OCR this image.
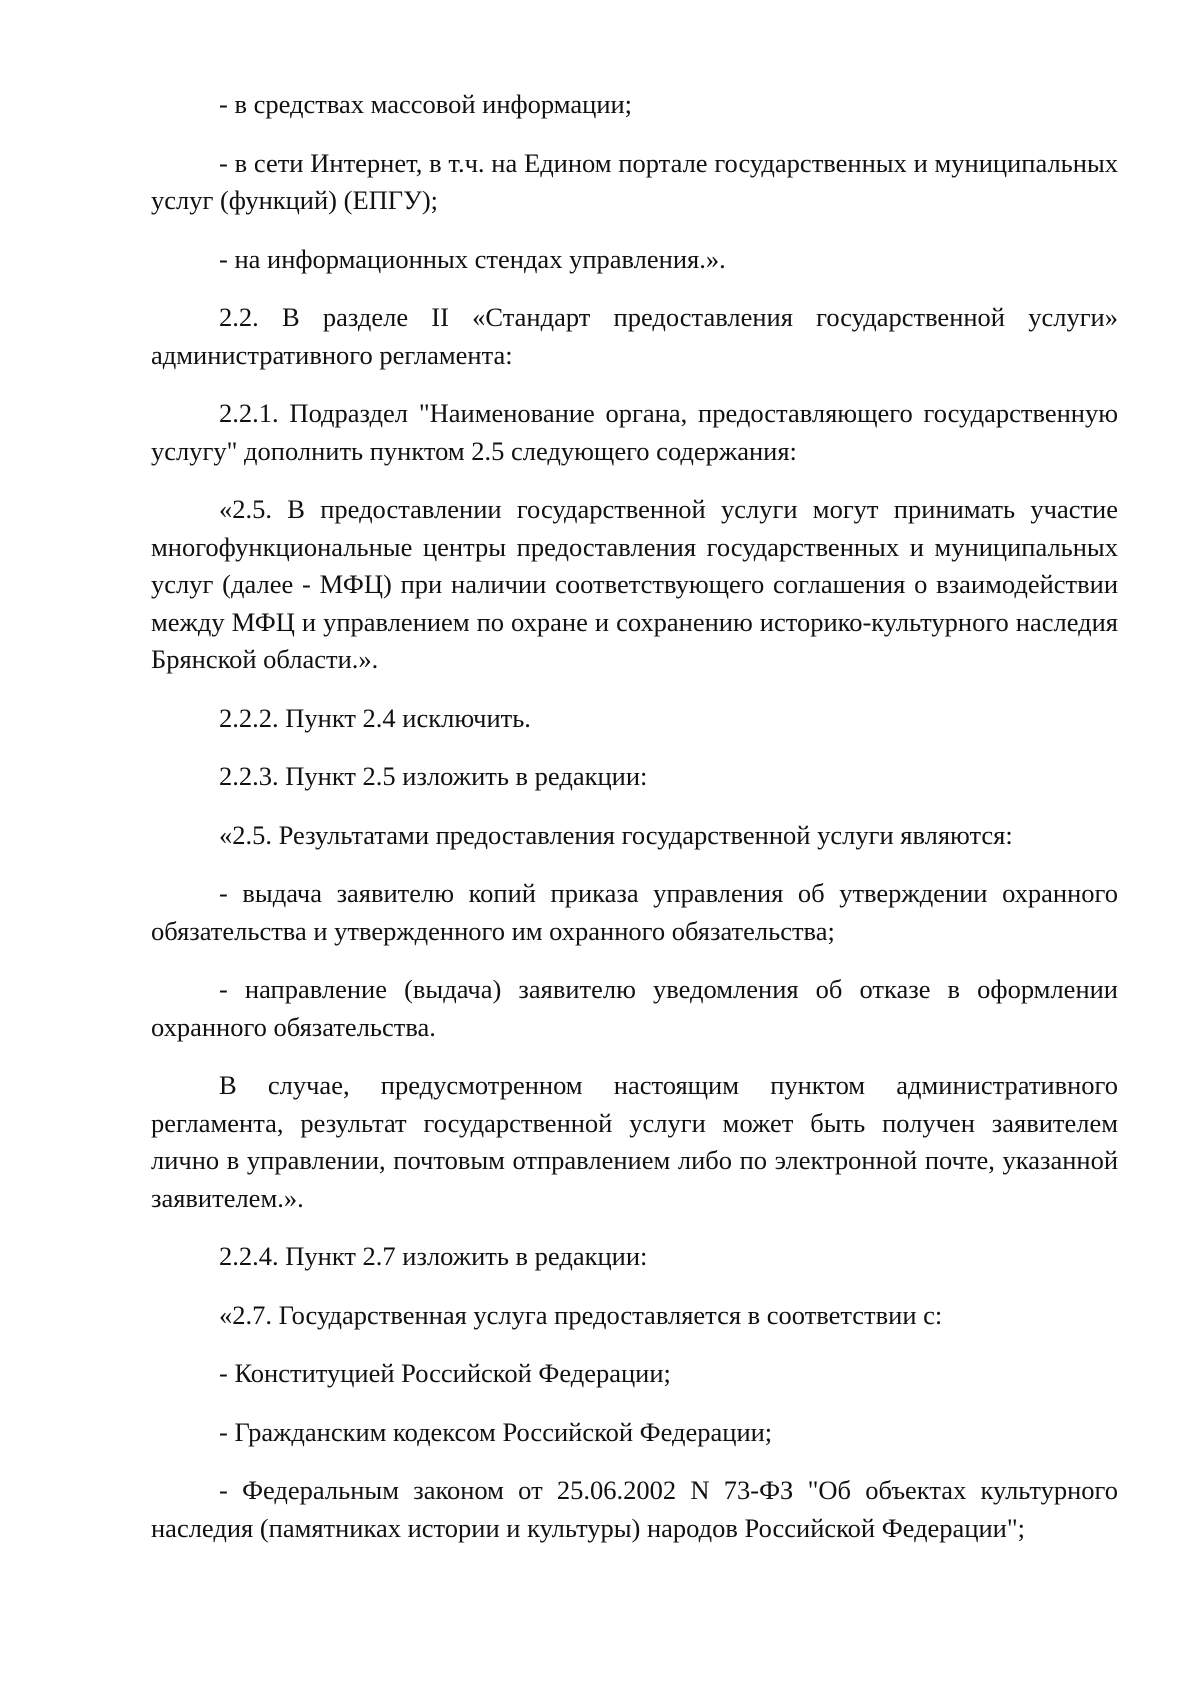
- в средствах массовой информации;

- в сети Интернет, в т.ч. на Едином портале государственных и муниципальных услуг (функций) (ЕПГУ);

- на информационных стендах управления.».

2.2. В разделе II «Стандарт предоставления государственной услуги» административного регламента:

2.2.1. Подраздел "Наименование органа, предоставляющего государственную услугу" дополнить пунктом 2.5 следующего содержания:

«2.5. В предоставлении государственной услуги могут принимать участие многофункциональные центры предоставления государственных и муниципальных услуг (далее - МФЦ) при наличии соответствующего соглашения о взаимодействии между МФЦ и управлением по охране и сохранению историко-культурного наследия Брянской области.».

2.2.2. Пункт 2.4 исключить.

2.2.3. Пункт 2.5 изложить в редакции:

«2.5. Результатами предоставления государственной услуги являются:

- выдача заявителю копий приказа управления об утверждении охранного обязательства и утвержденного им охранного обязательства;

- направление (выдача) заявителю уведомления об отказе в оформлении охранного обязательства.

В случае, предусмотренном настоящим пунктом административного регламента, результат государственной услуги может быть получен заявителем лично в управлении, почтовым отправлением либо по электронной почте, указанной заявителем.».

2.2.4. Пункт 2.7 изложить в редакции:

«2.7. Государственная услуга предоставляется в соответствии с:

- Конституцией Российской Федерации;

- Гражданским кодексом Российской Федерации;

- Федеральным законом от 25.06.2002 N 73-ФЗ "Об объектах культурного наследия (памятниках истории и культуры) народов Российской Федерации";
